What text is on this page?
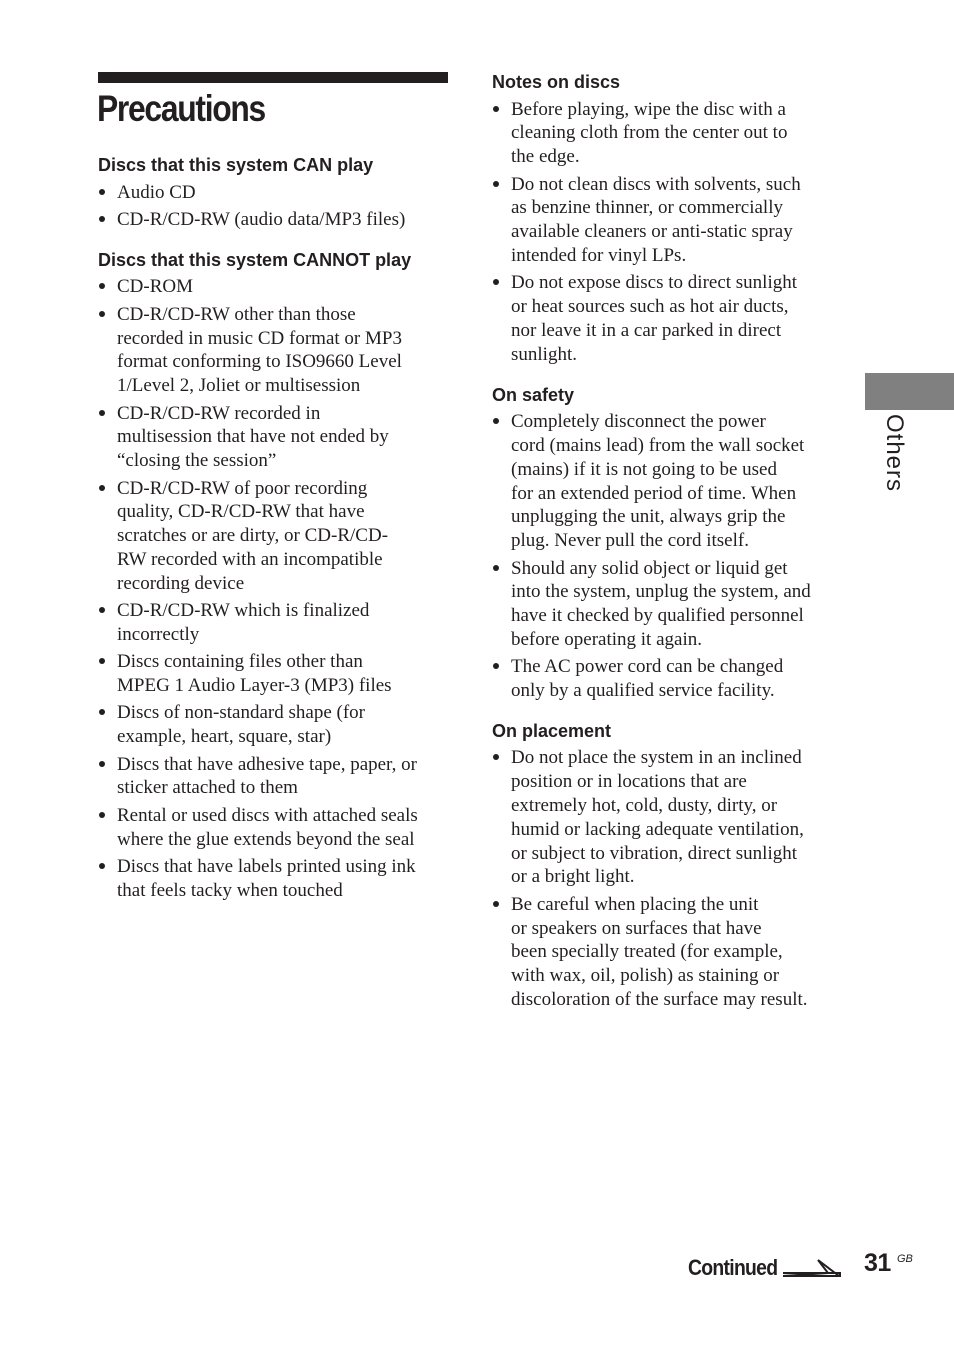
Precautions
Discs that this system CAN play
Audio CD
CD-R/CD-RW (audio data/MP3 files)
Discs that this system CANNOT play
CD-ROM
CD-R/CD-RW other than those
recorded in music CD format or MP3
format conforming to ISO9660 Level
1/Level 2, Joliet or multisession
CD-R/CD-RW recorded in
multisession that have not ended by
“closing the session”
CD-R/CD-RW of poor recording
quality, CD-R/CD-RW that have
scratches or are dirty, or CD-R/CD-
RW recorded with an incompatible
recording device
CD-R/CD-RW which is finalized
incorrectly
Discs containing files other than
MPEG 1 Audio Layer-3 (MP3) files
Discs of non-standard shape (for
example, heart, square, star)
Discs that have adhesive tape, paper, or
sticker attached to them
Rental or used discs with attached seals
where the glue extends beyond the seal
Discs that have labels printed using ink
that feels tacky when touched
Notes on discs
Before playing, wipe the disc with a
cleaning cloth from the center out to
the edge.
Do not clean discs with solvents, such
as benzine thinner, or commercially
available cleaners or anti-static spray
intended for vinyl LPs.
Do not expose discs to direct sunlight
or heat sources such as hot air ducts,
nor leave it in a car parked in direct
sunlight.
On safety
Completely disconnect the power
cord (mains lead) from the wall socket
(mains) if it is not going to be used
for an extended period of time. When
unplugging the unit, always grip the
plug. Never pull the cord itself.
Should any solid object or liquid get
into the system, unplug the system, and
have it checked by qualified personnel
before operating it again.
The AC power cord can be changed
only by a qualified service facility.
On placement
Do not place the system in an inclined
position or in locations that are
extremely hot, cold, dusty, dirty, or
humid or lacking adequate ventilation,
or subject to vibration, direct sunlight
or a bright light.
Be careful when placing the unit
or speakers on surfaces that have
been specially treated (for example,
with wax, oil, polish) as staining or
discoloration of the surface may result.
Others
Continued	31 GB
